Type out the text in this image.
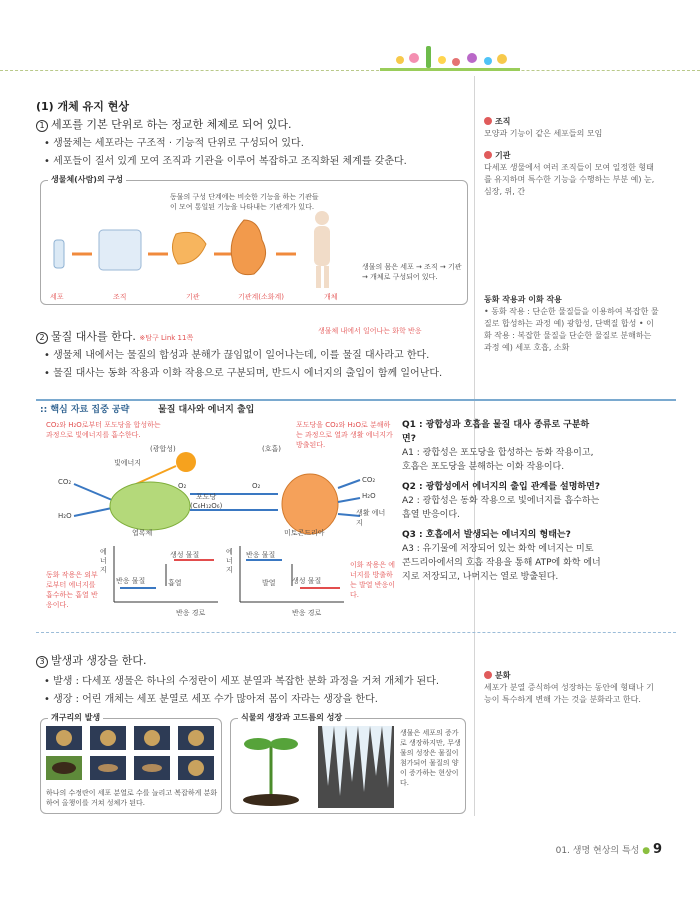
(1) 개체 유지 현상
1 세포를 기본 단위로 하는 정교한 체제로 되어 있다.
• 생물체는 세포라는 구조적 · 기능적 단위로 구성되어 있다.
• 세포들이 질서 있게 모여 조직과 기관을 이루어 복잡하고 조직화된 체계를 갖춘다.
생물체(사람)의 구성
동물의 구성 단계에는 비슷한 기능을 하는 기관들이 모여 통일된 기능을 나타내는 기관계가 있다.
세포	조직	기관	기관계(소화계)	개체
생물의 몸은 세포 → 조직 → 기관 → 개체로 구성되어 있다.
생물체 내에서 일어나는 화학 반응
2 물질 대사를 한다. ※탐구 Link 11쪽
• 생물체 내에서는 물질의 합성과 분해가 끊임없이 일어나는데, 이를 물질 대사라고 한다.
• 물질 대사는 동화 작용과 이화 작용으로 구분되며, 반드시 에너지의 출입이 함께 일어난다.
:: 핵심 자료 집중 공략	물질 대사와 에너지 출입
CO₂와 H₂O로부터 포도당을 합성하는 과정으로 빛에너지를 흡수한다.
포도당을 CO₂와 H₂O로 분해하는 과정으로 열과 생활 에너지가 방출된다.
(광합성)	(호흡)
빛에너지
CO₂
H₂O
O₂	O₂
포도당
(C₆H₁₂O₆)
CO₂
H₂O
생활 에너지
엽록체	미토콘드리아
에너지
반응 물질
생성 물질
흡열
반응 경로
동화 작용은 외부로부터 에너지를 흡수하는 흡열 반응이다.
에너지
반응 물질
생성 물질
발열
반응 경로
이화 작용은 에너지를 방출하는 발열 반응이다.
Q1 : 광합성과 호흡을 물질 대사 종류로 구분하면?
A1 : 광합성은 포도당을 합성하는 동화 작용이고, 호흡은 포도당을 분해하는 이화 작용이다.
Q2 : 광합성에서 에너지의 출입 관계를 설명하면?
A2 : 광합성은 동화 작용으로 빛에너지를 흡수하는 흡열 반응이다.
Q3 : 호흡에서 발생되는 에너지의 형태는?
A3 : 유기물에 저장되어 있는 화학 에너지는 미토콘드리아에서의 호흡 작용을 통해 ATP에 화학 에너지로 저장되고, 나머지는 열로 방출된다.
3 발생과 생장을 한다.
• 발생 : 다세포 생물은 하나의 수정란이 세포 분열과 복잡한 분화 과정을 거쳐 개체가 된다.
• 생장 : 어린 개체는 세포 분열로 세포 수가 많아져 몸이 자라는 생장을 한다.
개구리의 발생
하나의 수정란이 세포 분열로 수를 늘리고 복잡하게 분화하여 올챙이를 거쳐 성체가 된다.
식물의 생장과 고드름의 성장
생물은 세포의 증가로 생장하지만, 무생물의 성장은 물질이 첨가되어 물질의 양이 증가하는 현상이다.
조직
모양과 기능이 같은 세포들의 모임
기관
다세포 생물에서 여러 조직들이 모여 일정한 형태를 유지하며 특수한 기능을 수행하는 부분 예) 눈, 심장, 위, 간
동화 작용과 이화 작용
• 동화 작용 : 단순한 물질들을 이용하여 복잡한 물질로 합성하는 과정 예) 광합성, 단백질 합성 • 이화 작용 : 복잡한 물질을 단순한 물질로 분해하는 과정 예) 세포 호흡, 소화
분화
세포가 분열 증식하여 성장하는 동안에 형태나 기능이 특수하게 변해 가는 것을 분화라고 한다.
01. 생명 현상의 특성 ● 9
